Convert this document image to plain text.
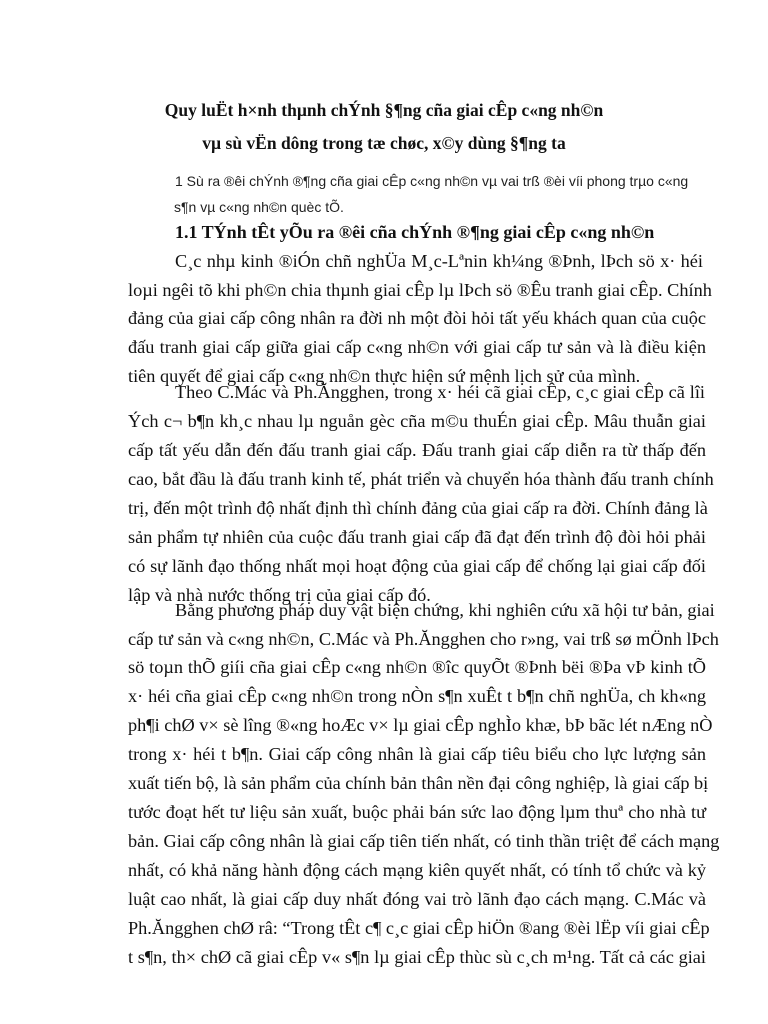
Quy luËt h×nh thµnh chÝnh §¶ng cña giai cÊp c«ng nh©n
vµ sù vËn dông trong tæ chøc, x©y dùng §¶ng ta
1 Sù ra ®êi chÝnh ®¶ng cña giai cÊp c«ng nh©n vµ vai trß ®èi víi phong trµo c«ng
s¶n vµ c«ng nh©n quèc tÕ.
1.1 TÝnh tÊt yÕu ra ®êi cña chÝnh ®¶ng giai cÊp c«ng nh©n
C¸c nhµ kinh ®iÓn chñ nghÜa M¸c-Lªnin kh¼ng ®Þnh, lÞch sö x· héi
loµi ngêi tõ khi ph©n chia thµnh giai cÊp lµ lÞch sö ®Êu tranh giai cÊp. Chính
đảng của giai cấp công nhân ra đời nh một đòi hỏi tất yếu khách quan của cuộc
đấu tranh giai cấp giữa giai cấp c«ng nh©n với giai cấp tư sản và là điều kiện
tiên quyết để giai cấp c«ng nh©n thực hiện sứ mệnh lịch sử của mình.
Theo C.Mác và Ph.Ăngghen, trong x· héi cã giai cÊp, c¸c giai cÊp cã lîi
Ých c¬ b¶n kh¸c nhau lµ nguån gèc cña m©u thuÉn giai cÊp. Mâu thuẫn giai
cấp tất yếu dẫn đến đấu tranh giai cấp. Đấu tranh giai cấp diễn ra từ thấp đến
cao, bắt đầu là đấu tranh kinh tế, phát triển và chuyển hóa thành đấu tranh chính
trị, đến một trình độ nhất định thì chính đảng của giai cấp ra đời. Chính đảng là
sản phẩm tự nhiên của cuộc đấu tranh giai cấp đã đạt đến trình độ đòi hỏi phải
có sự lãnh đạo thống nhất mọi hoạt động của giai cấp để chống lại giai cấp đối
lập và nhà nước thống trị của giai cấp đó.
Bằng phương pháp duy vật biện chứng, khi nghiên cứu xã hội tư bản, giai
cấp tư sản và c«ng nh©n, C.Mác và Ph.Ăngghen cho r»ng, vai trß sø mÖnh lÞch
sö toµn thÕ giíi cña giai cÊp c«ng nh©n ®îc quyÕt ®Þnh bëi ®Þa vÞ kinh tÕ
x· héi cña giai cÊp c«ng nh©n trong nÒn s¶n xuÊt t b¶n chñ nghÜa, ch kh«ng
ph¶i chØ v× sè lîng ®«ng hoÆc v× lµ giai cÊp nghÌo khæ, bÞ bãc lét nÆng nÒ
trong x· héi t b¶n. Giai cấp công nhân là giai cấp tiêu biểu cho lực lượng sản
xuất tiến bộ, là sản phẩm của chính bản thân nền đại công nghiệp, là giai cấp bị
tước đoạt hết tư liệu sản xuất, buộc phải bán sức lao động lµm thuª cho nhà tư
bản. Giai cấp công nhân là giai cấp tiên tiến nhất, có tinh thần triệt để cách mạng
nhất, có khả năng hành động cách mạng kiên quyết nhất, có tính tổ chức và kỷ
luật cao nhất, là giai cấp duy nhất đóng vai trò lãnh đạo cách mạng. C.Mác và
Ph.Ăngghen chØ râ: “Trong tÊt c¶ c¸c giai cÊp hiÖn ®ang ®èi lËp víi giai cÊp
t s¶n, th× chØ cã giai cÊp v« s¶n lµ giai cÊp thùc sù c¸ch m¹ng. Tất cả các giai
